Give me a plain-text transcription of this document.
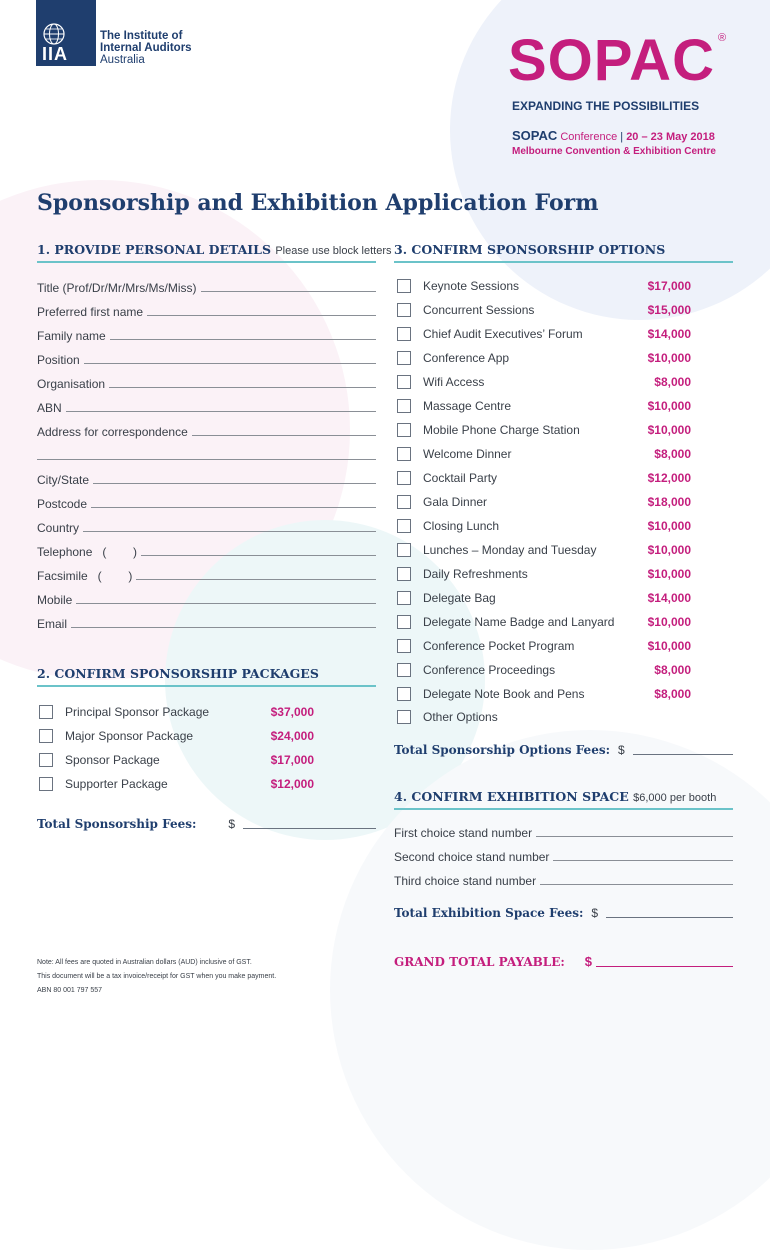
IIA
The Institute of
Internal Auditors
Australia	SOPAC ®
EXPANDING THE POSSIBILITIES
SOPAC Conference | 20 – 23 May 2018
Melbourne Convention & Exhibition Centre
Sponsorship and Exhibition Application Form
1. PROVIDE PERSONAL DETAILS Please use block letters
Title (Prof/Dr/Mr/Mrs/Ms/Miss)
Preferred first name
Family name
Position
Organisation
ABN
Address for correspondence
City/State
Postcode
Country
Telephone   (        )
Facsimile   (        )
Mobile
Email
2. CONFIRM SPONSORSHIP PACKAGES
Principal Sponsor Package	$37,000
Major Sponsor Package	$24,000
Sponsor Package	$17,000
Supporter Package	$12,000
Total Sponsorship Fees:	$
3. CONFIRM SPONSORSHIP OPTIONS
Keynote Sessions	$17,000
Concurrent Sessions	$15,000
Chief Audit Executives’ Forum	$14,000
Conference App	$10,000
Wifi Access	$8,000
Massage Centre	$10,000
Mobile Phone Charge Station	$10,000
Welcome Dinner	$8,000
Cocktail Party	$12,000
Gala Dinner	$18,000
Closing Lunch	$10,000
Lunches – Monday and Tuesday	$10,000
Daily Refreshments	$10,000
Delegate Bag	$14,000
Delegate Name Badge and Lanyard	$10,000
Conference Pocket Program	$10,000
Conference Proceedings	$8,000
Delegate Note Book and Pens	$8,000
Other Options
Total Sponsorship Options Fees: $
4. CONFIRM EXHIBITION SPACE $6,000 per booth
First choice stand number
Second choice stand number
Third choice stand number
Total Exhibition Space Fees: $
GRAND TOTAL PAYABLE: $
Note: All fees are quoted in Australian dollars (AUD) inclusive of GST.
This document will be a tax invoice/receipt for GST when you make payment.
ABN 80 001 797 557
